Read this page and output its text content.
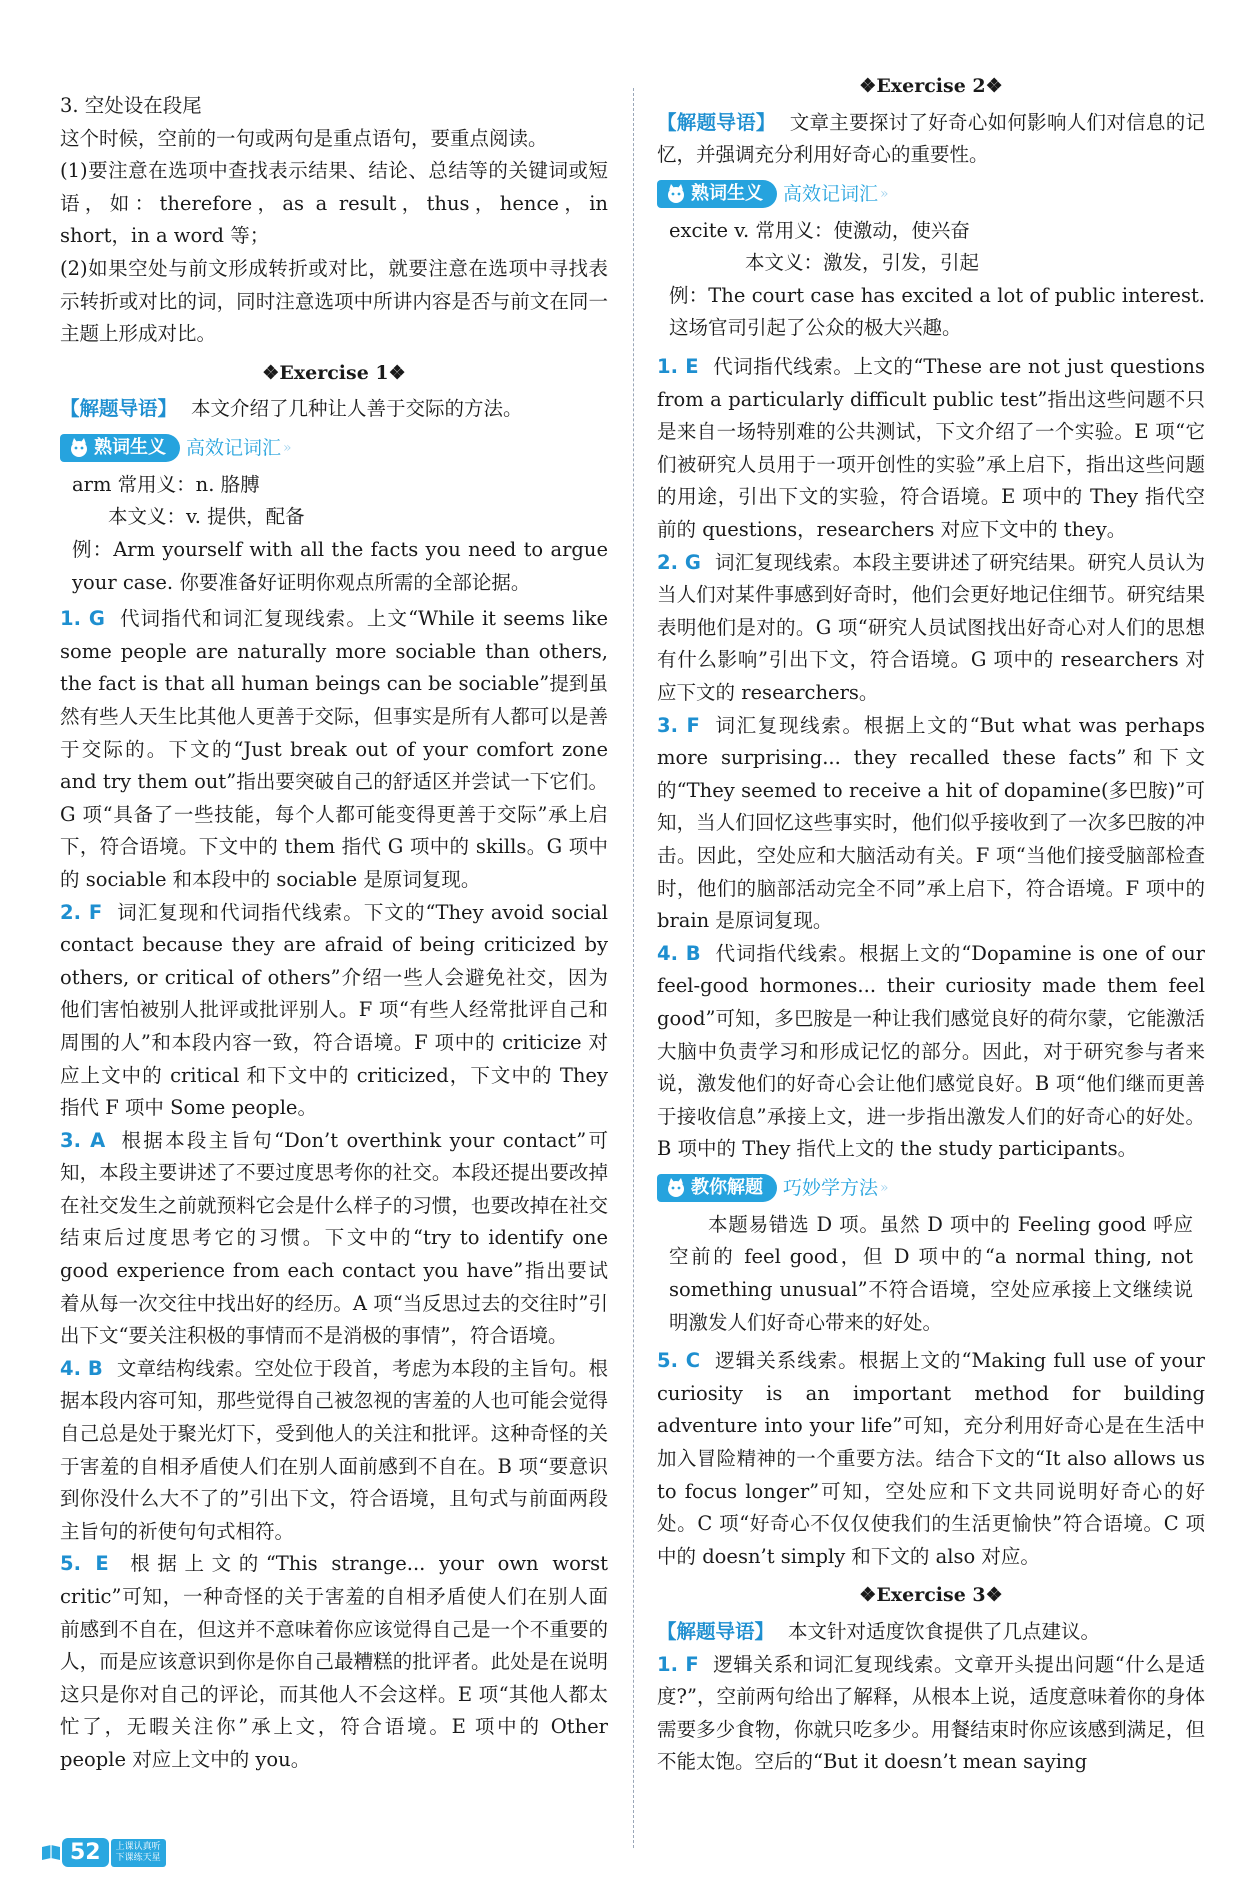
3. 空处设在段尾

这个时候，空前的一句或两句是重点语句，要重点阅读。

(1)要注意在选项中查找表示结果、结论、总结等的关键词或短语，如：therefore，as a result，thus，hence，in short，in a word 等；

(2)如果空处与前文形成转折或对比，就要注意在选项中寻找表示转折或对比的词，同时注意选项中所讲内容是否与前文在同一主题上形成对比。

❖Exercise 1❖

【解题导语】 本文介绍了几种让人善于交际的方法。

熟词生义 高效记词汇 »

arm 常用义：n. 胳膊

本文义：v. 提供，配备

例：Arm yourself with all the facts you need to argue your case. 你要准备好证明你观点所需的全部论据。

1. G 代词指代和词汇复现线索。上文“While it seems like some people are naturally more sociable than others, the fact is that all human beings can be sociable”提到虽然有些人天生比其他人更善于交际，但事实是所有人都可以是善于交际的。下文的“Just break out of your comfort zone and try them out”指出要突破自己的舒适区并尝试一下它们。G 项“具备了一些技能，每个人都可能变得更善于交际”承上启下，符合语境。下文中的 them 指代 G 项中的 skills。G 项中的 sociable 和本段中的 sociable 是原词复现。

2. F 词汇复现和代词指代线索。下文的“They avoid social contact because they are afraid of being criticized by others, or critical of others”介绍一些人会避免社交，因为他们害怕被别人批评或批评别人。F 项“有些人经常批评自己和周围的人”和本段内容一致，符合语境。F 项中的 criticize 对应上文中的 critical 和下文中的 criticized，下文中的 They 指代 F 项中 Some people。

3. A 根据本段主旨句“Don’t overthink your contact”可知，本段主要讲述了不要过度思考你的社交。本段还提出要改掉在社交发生之前就预料它会是什么样子的习惯，也要改掉在社交结束后过度思考它的习惯。下文中的“try to identify one good experience from each contact you have”指出要试着从每一次交往中找出好的经历。A 项“当反思过去的交往时”引出下文“要关注积极的事情而不是消极的事情”，符合语境。

4. B 文章结构线索。空处位于段首，考虑为本段的主旨句。根据本段内容可知，那些觉得自己被忽视的害羞的人也可能会觉得自己总是处于聚光灯下，受到他人的关注和批评。这种奇怪的关于害羞的自相矛盾使人们在别人面前感到不自在。B 项“要意识到你没什么大不了的”引出下文，符合语境，且句式与前面两段主旨句的祈使句句式相符。

5. E 根据上文的“This strange... your own worst critic”可知，一种奇怪的关于害羞的自相矛盾使人们在别人面前感到不自在，但这并不意味着你应该觉得自己是一个不重要的人，而是应该意识到你是你自己最糟糕的批评者。此处是在说明这只是你对自己的评论，而其他人不会这样。E 项“其他人都太忙了，无暇关注你”承上文，符合语境。E 项中的 Other people 对应上文中的 you。

❖Exercise 2❖

【解题导语】 文章主要探讨了好奇心如何影响人们对信息的记忆，并强调充分利用好奇心的重要性。

熟词生义 高效记词汇 »

excite v. 常用义：使激动，使兴奋

本文义：激发，引发，引起

例：The court case has excited a lot of public interest. 这场官司引起了公众的极大兴趣。

1. E 代词指代线索。上文的“These are not just questions from a particularly difficult public test”指出这些问题不只是来自一场特别难的公共测试，下文介绍了一个实验。E 项“它们被研究人员用于一项开创性的实验”承上启下，指出这些问题的用途，引出下文的实验，符合语境。E 项中的 They 指代空前的 questions，researchers 对应下文中的 they。

2. G 词汇复现线索。本段主要讲述了研究结果。研究人员认为当人们对某件事感到好奇时，他们会更好地记住细节。研究结果表明他们是对的。G 项“研究人员试图找出好奇心对人们的思想有什么影响”引出下文，符合语境。G 项中的 researchers 对应下文的 researchers。

3. F 词汇复现线索。根据上文的“But what was perhaps more surprising... they recalled these facts”和下文的“They seemed to receive a hit of dopamine(多巴胺)”可知，当人们回忆这些事实时，他们似乎接收到了一次多巴胺的冲击。因此，空处应和大脑活动有关。F 项“当他们接受脑部检查时，他们的脑部活动完全不同”承上启下，符合语境。F 项中的 brain 是原词复现。

4. B 代词指代线索。根据上文的“Dopamine is one of our feel-good hormones... their curiosity made them feel good”可知，多巴胺是一种让我们感觉良好的荷尔蒙，它能激活大脑中负责学习和形成记忆的部分。因此，对于研究参与者来说，激发他们的好奇心会让他们感觉良好。B 项“他们继而更善于接收信息”承接上文，进一步指出激发人们的好奇心的好处。B 项中的 They 指代上文的 the study participants。

教你解题 巧妙学方法 »

本题易错选 D 项。虽然 D 项中的 Feeling good 呼应空前的 feel good，但 D 项中的“a normal thing, not something unusual”不符合语境，空处应承接上文继续说明激发人们好奇心带来的好处。

5. C 逻辑关系线索。根据上文的“Making full use of your curiosity is an important method for building adventure into your life”可知，充分利用好奇心是在生活中加入冒险精神的一个重要方法。结合下文的“It also allows us to focus longer”可知，空处应和下文共同说明好奇心的好处。C 项“好奇心不仅仅使我们的生活更愉快”符合语境。C 项中的 doesn’t simply 和下文的 also 对应。

❖Exercise 3❖

【解题导语】 本文针对适度饮食提供了几点建议。

1. F 逻辑关系和词汇复现线索。文章开头提出问题“什么是适度?”，空前两句给出了解释，从根本上说，适度意味着你的身体需要多少食物，你就只吃多少。用餐结束时你应该感到满足，但不能太饱。空后的“But it doesn’t mean saying

52	上课认真听
下课练天星
